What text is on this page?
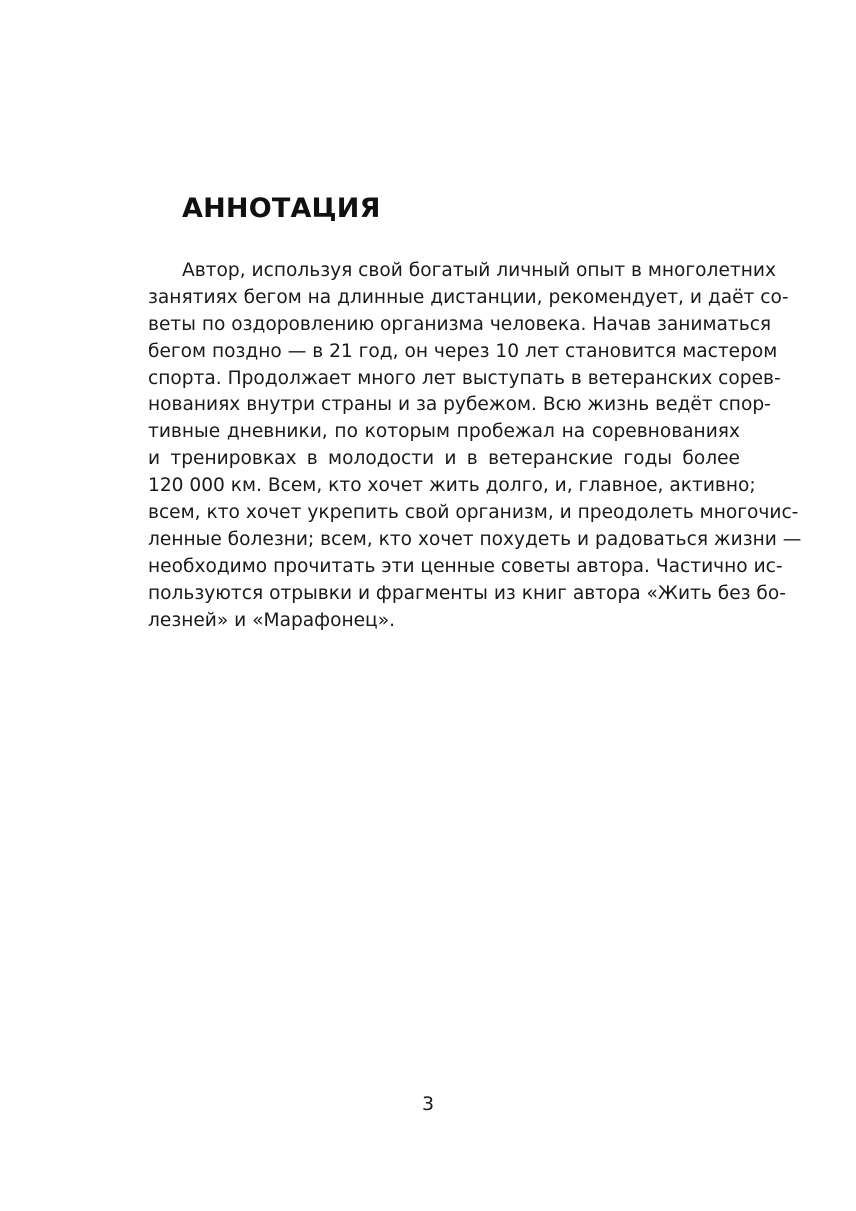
АННОТАЦИЯ
Автор, используя свой богатый личный опыт в многолетних
занятиях бегом на длинные дистанции, рекомендует, и даёт со-
веты по оздоровлению организма человека. Начав заниматься
бегом поздно — в 21 год, он через 10 лет становится мастером
спорта. Продолжает много лет выступать в ветеранских сорев-
нованиях внутри страны и за рубежом. Всю жизнь ведёт спор-
тивные дневники, по которым пробежал на соревнованиях
и тренировках в молодости и в ветеранские годы более
120 000 км. Всем, кто хочет жить долго, и, главное, активно;
всем, кто хочет укрепить свой организм, и преодолеть многочис-
ленные болезни; всем, кто хочет похудеть и радоваться жизни —
необходимо прочитать эти ценные советы автора. Частично ис-
пользуются отрывки и фрагменты из книг автора «Жить без бо-
лезней» и «Марафонец».
3
